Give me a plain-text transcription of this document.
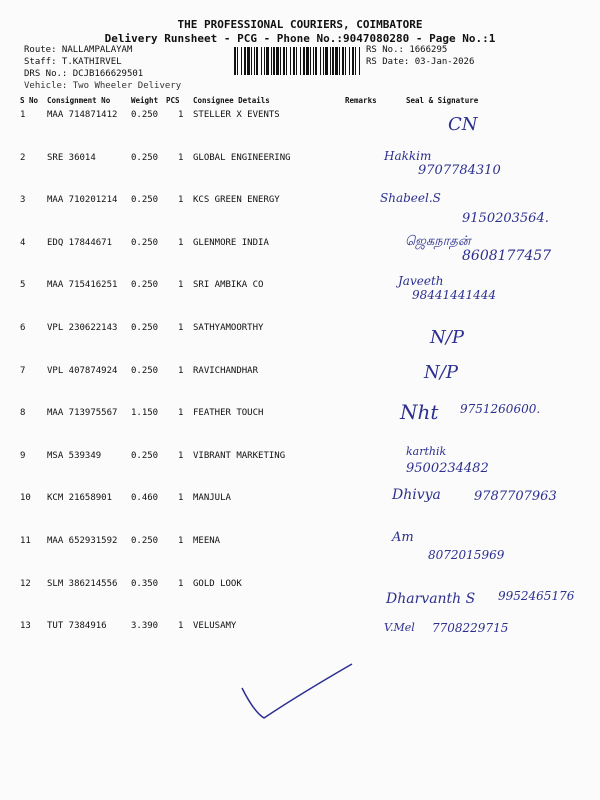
THE PROFESSIONAL COURIERS, COIMBATORE
Delivery Runsheet - PCG - Phone No.:9047080280 - Page No.:1
Route: NALLAMPALAYAM
Staff: T.KATHIRVEL
DRS No.: DCJB166629501
RS No.: 1666295
RS Date: 03-Jan-2026
Vehicle: Two Wheeler Delivery
S No Consignment No	Weight PCS Consignee Details	Remarks	Seal & Signature
1 MAA 714871412 0.250 1 STELLER X EVENTS	CN
2 SRE 36014	0.250 1 GLOBAL ENGINEERING	Hakkim
9707784310
3 MAA 710201214 0.250 1 KCS GREEN ENERGY	Shabeel.S
9150203564.
4 EDQ 17844671 0.250 1 GLENMORE INDIA	ஜெகநாதன்
8608177457
5 MAA 715416251 0.250 1 SRI AMBIKA CO	Javeeth
98441441444
6 VPL 230622143 0.250 1 SATHYAMOORTHY	N/P
7 VPL 407874924 0.250 1 RAVICHANDHAR	N/P
8 MAA 713975567 1.150 1 FEATHER TOUCH	Nht 9751260600.
9 MSA 539349	0.250 1 VIBRANT MARKETING	karthik
9500234482
10 KCM 21658901 0.460 1 MANJULA	Dhivya	9787707963
11 MAA 652931592 0.250 1 MEENA	Am
8072015969
12 SLM 386214556 0.350 1 GOLD LOOK
Dharvanth S 9952465176
13 TUT 7384916	3.390 1 VELUSAMY	V.Mel 7708229715
